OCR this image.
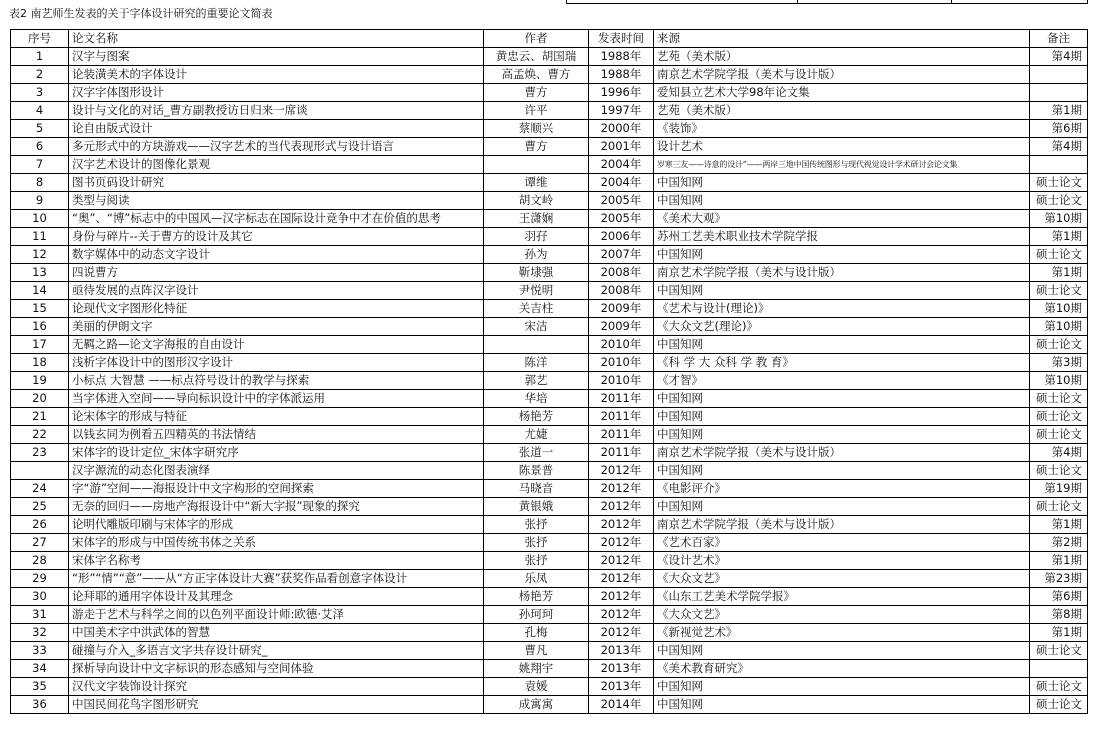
表2 南艺师生发表的关于字体设计研究的重要论文简表
序号	论文名称	作者	发表时间	来源	备注
1	汉字与图案	黄忠云、胡国瑞	1988年	艺苑（美术版）	第4期
2	论装潢美术的字体设计	高孟焕、曹方	1988年	南京艺术学院学报（美术与设计版）	
3	汉字字体图形设计	曹方	1996年	爱知县立艺术大学98年论文集	
4	设计与文化的对话_曹方副教授访日归来一席谈	许平	1997年	艺苑（美术版）	第1期
5	论自由版式设计	蔡顺兴	2000年	《装饰》	第6期
6	多元形式中的方块游戏——汉字艺术的当代表现形式与设计语言	曹方	2001年	设计艺术	第4期
7	汉字艺术设计的图像化景观		2004年	岁寒三友——诗意的设计”——两岸三地中国传统图形与现代视觉设计学术研讨会论文集	
8	图书页码设计研究	谭维	2004年	中国知网	硕士论文
9	类型与阅读	胡文岭	2005年	中国知网	硕士论文
10	“奥”、“博”标志中的中国风—汉字标志在国际设计竞争中才在价值的思考	王潇娴	2005年	《美术大观》	第10期
11	身份与碎片--关于曹方的设计及其它	羽孖	2006年	苏州工艺美术职业技术学院学报	第1期
12	数字媒体中的动态文字设计	孙为	2007年	中国知网	硕士论文
13	四说曹方	靳埭强	2008年	南京艺术学院学报（美术与设计版）	第1期
14	亟待发展的点阵汉字设计	尹悦明	2008年	中国知网	硕士论文
15	论现代文字图形化特征	关吉柱	2009年	《艺术与设计(理论)》	第10期
16	美丽的伊朗文字	宋洁	2009年	《大众文艺(理论)》	第10期
17	无羁之路—论文字海报的自由设计		2010年	中国知网	硕士论文
18	浅析字体设计中的图形汉字设计	陈洋	2010年	《科 学 大 众科 学 教 育》	第3期
19	小标点 大智慧 ——标点符号设计的教学与探索	郭艺	2010年	《才智》	第10期
20	当字体进入空间——导向标识设计中的字体派运用	华培	2011年	中国知网	硕士论文
21	论宋体字的形成与特征	杨艳芳	2011年	中国知网	硕士论文
22	以钱玄同为例看五四精英的书法情结	尤婕	2011年	中国知网	硕士论文
23	宋体字的设计定位_宋体字研究序	张道一	2011年	南京艺术学院学报（美术与设计版）	第4期
	汉字源流的动态化图表演绎	陈景普	2012年	中国知网	硕士论文
24	字“游”空间——海报设计中文字构形的空间探索	马晓音	2012年	《电影评介》	第19期
25	无奈的回归——房地产海报设计中“新大字报”现象的探究	黄银娥	2012年	中国知网	硕士论文
26	论明代雕版印刷与宋体字的形成	张抒	2012年	南京艺术学院学报（美术与设计版）	第1期
27	宋体字的形成与中国传统书体之关系	张抒	2012年	《艺术百家》	第2期
28	宋体字名称考	张抒	2012年	《设计艺术》	第1期
29	“形”“情”“意”——从“方正字体设计大赛”获奖作品看创意字体设计	乐凤	2012年	《大众文艺》	第23期
30	论拜耶的通用字体设计及其理念	杨艳芳	2012年	《山东工艺美术学院学报》	第6期
31	游走于艺术与科学之间的以色列平面设计师:欧德·艾泽	孙珂珂	2012年	《大众文艺》	第8期
32	中国美术字中洪武体的智慧	孔梅	2012年	《新视觉艺术》	第1期
33	碰撞与介入_多语言文字共存设计研究_	曹凡	2013年	中国知网	硕士论文
34	探析导向设计中文字标识的形态感知与空间体验	姚翔宇	2013年	《美术教育研究》	
35	汉代文字装饰设计探究	袁媛	2013年	中国知网	硕士论文
36	中国民间花鸟字图形研究	成寓寓	2014年	中国知网	硕士论文
